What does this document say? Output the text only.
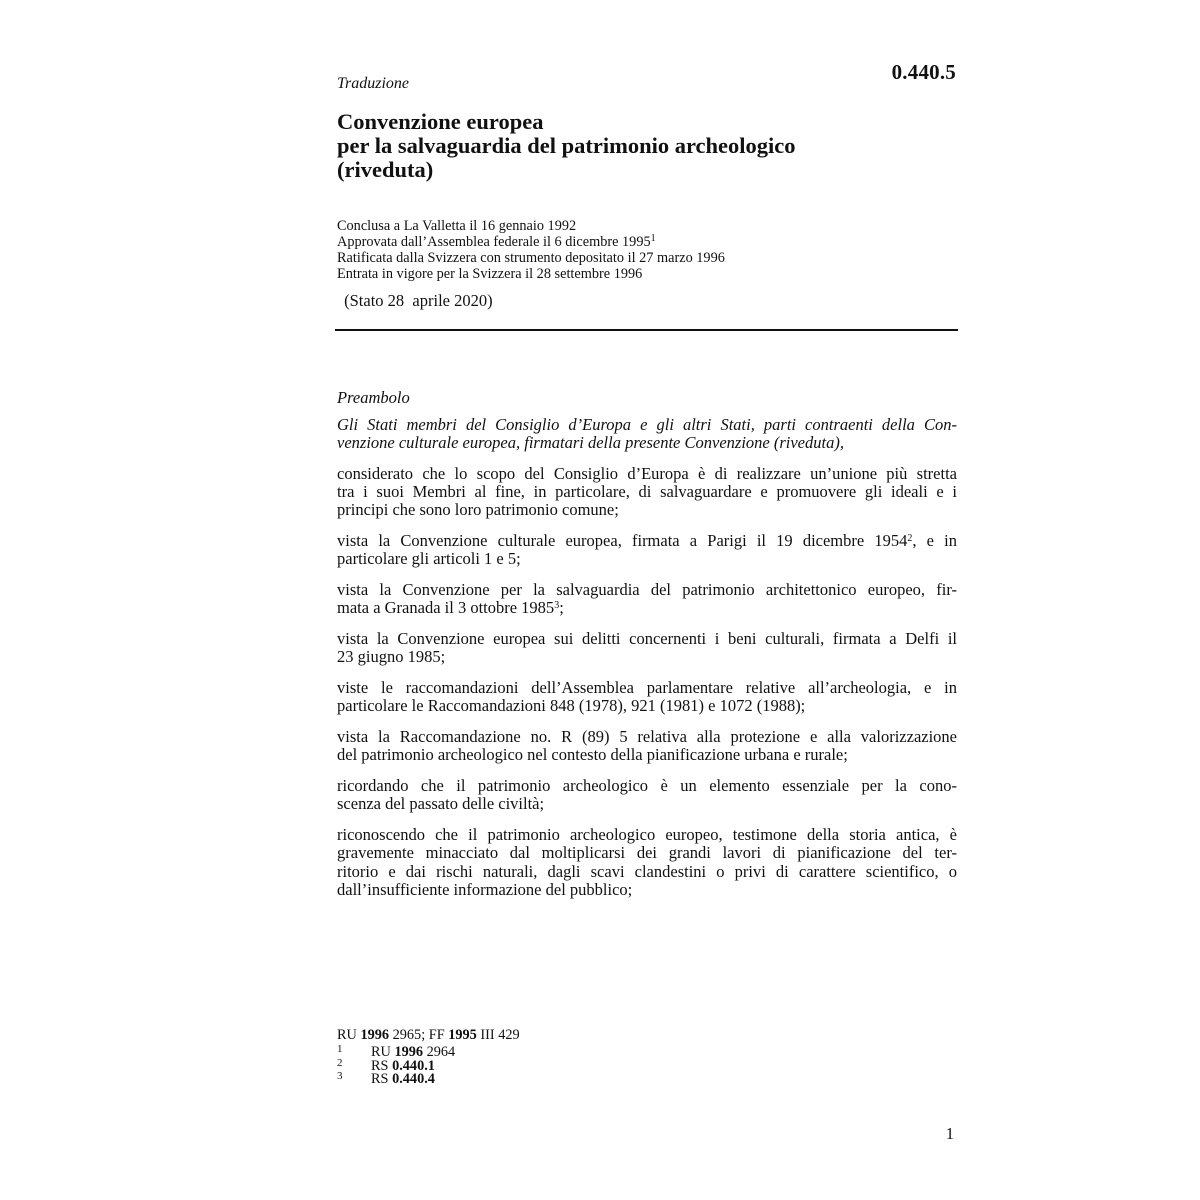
0.440.5
Traduzione
Convenzione europea
per la salvaguardia del patrimonio archeologico
(riveduta)
Conclusa a La Valletta il 16 gennaio 1992
Approvata dall’Assemblea federale il 6 dicembre 1995$^1$
Ratificata dalla Svizzera con strumento depositato il 27 marzo 1996
Entrata in vigore per la Svizzera il 28 settembre 1996
(Stato 28  aprile 2020)
Preambolo
Gli Stati membri del Consiglio d’Europa e gli altri Stati, parti contraenti della Con-
venzione culturale europea, firmatari della presente Convenzione (riveduta),
considerato che lo scopo del Consiglio d’Europa è di realizzare un’unione più stretta
tra i suoi Membri al fine, in particolare, di salvaguardare e promuovere gli ideali e i
principi che sono loro patrimonio comune;
vista la Convenzione culturale europea, firmata a Parigi il 19 dicembre 1954$^2$, e in
particolare gli articoli 1 e 5;
vista la Convenzione per la salvaguardia del patrimonio architettonico europeo, fir-
mata a Granada il 3 ottobre 1985$^3$;
vista la Convenzione europea sui delitti concernenti i beni culturali, firmata a Delfi il
23 giugno 1985;
viste le raccomandazioni dell’Assemblea parlamentare relative all’archeologia, e in
particolare le Raccomandazioni 848 (1978), 921 (1981) e 1072 (1988);
vista la Raccomandazione no. R (89) 5 relativa alla protezione e alla valorizzazione
del patrimonio archeologico nel contesto della pianificazione urbana e rurale;
ricordando che il patrimonio archeologico è un elemento essenziale per la cono-
scenza del passato delle civiltà;
riconoscendo che il patrimonio archeologico europeo, testimone della storia antica, è
gravemente minacciato dal moltiplicarsi dei grandi lavori di pianificazione del ter-
ritorio e dai rischi naturali, dagli scavi clandestini o privi di carattere scientifico, o
dall’insufficiente informazione del pubblico;
RU 1996 2965; FF 1995 III 429
1	RU 1996 2964
2	RS 0.440.1
3	RS 0.440.4
1
